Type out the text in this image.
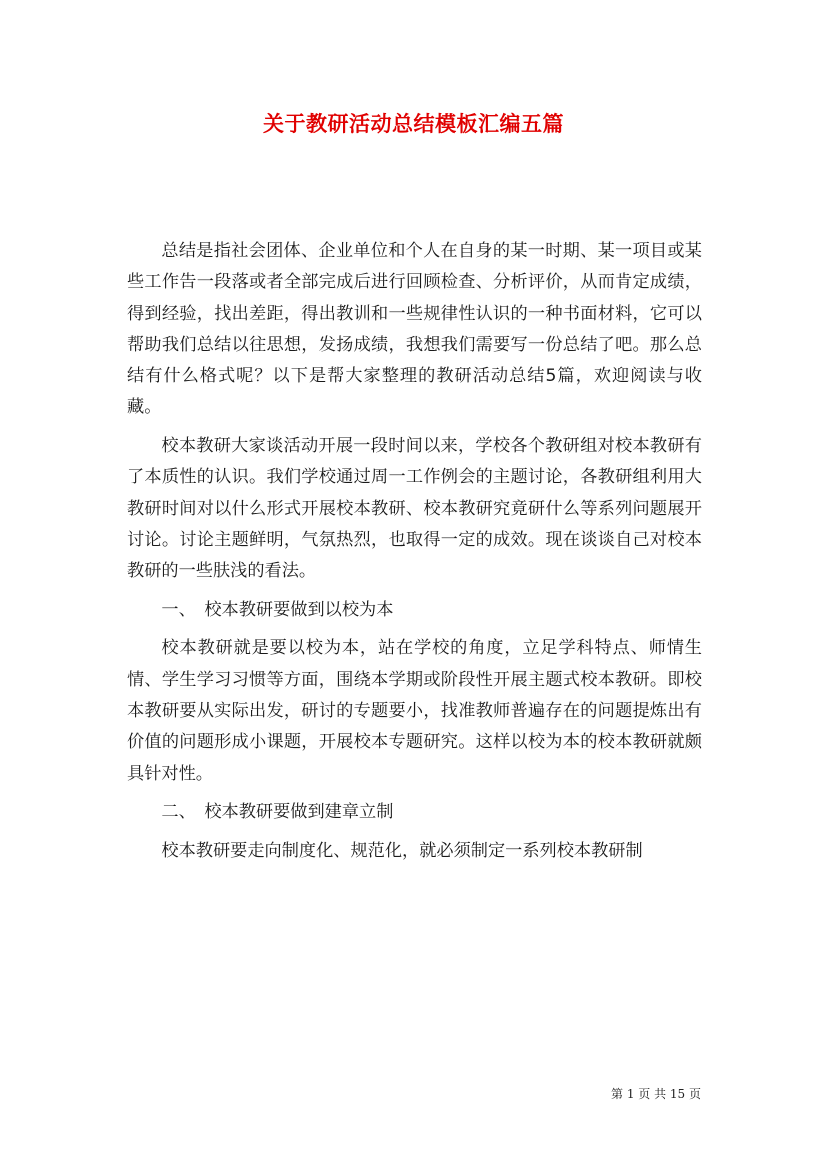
关于教研活动总结模板汇编五篇

总结是指社会团体、企业单位和个人在自身的某一时期、某一项目或某些工作告一段落或者全部完成后进行回顾检查、分析评价，从而肯定成绩，得到经验，找出差距，得出教训和一些规律性认识的一种书面材料，它可以帮助我们总结以往思想，发扬成绩，我想我们需要写一份总结了吧。那么总结有什么格式呢？以下是帮大家整理的教研活动总结5篇，欢迎阅读与收藏。

校本教研大家谈活动开展一段时间以来，学校各个教研组对校本教研有了本质性的认识。我们学校通过周一工作例会的主题讨论，各教研组利用大教研时间对以什么形式开展校本教研、校本教研究竟研什么等系列问题展开讨论。讨论主题鲜明，气氛热烈，也取得一定的成效。现在谈谈自己对校本教研的一些肤浅的看法。

一、　校本教研要做到以校为本

校本教研就是要以校为本，站在学校的角度，立足学科特点、师情生情、学生学习习惯等方面，围绕本学期或阶段性开展主题式校本教研。即校本教研要从实际出发，研讨的专题要小，找准教师普遍存在的问题提炼出有价值的问题形成小课题，开展校本专题研究。这样以校为本的校本教研就颇具针对性。

二、　校本教研要做到建章立制

校本教研要走向制度化、规范化，就必须制定一系列校本教研制

第 1 页 共 15 页
